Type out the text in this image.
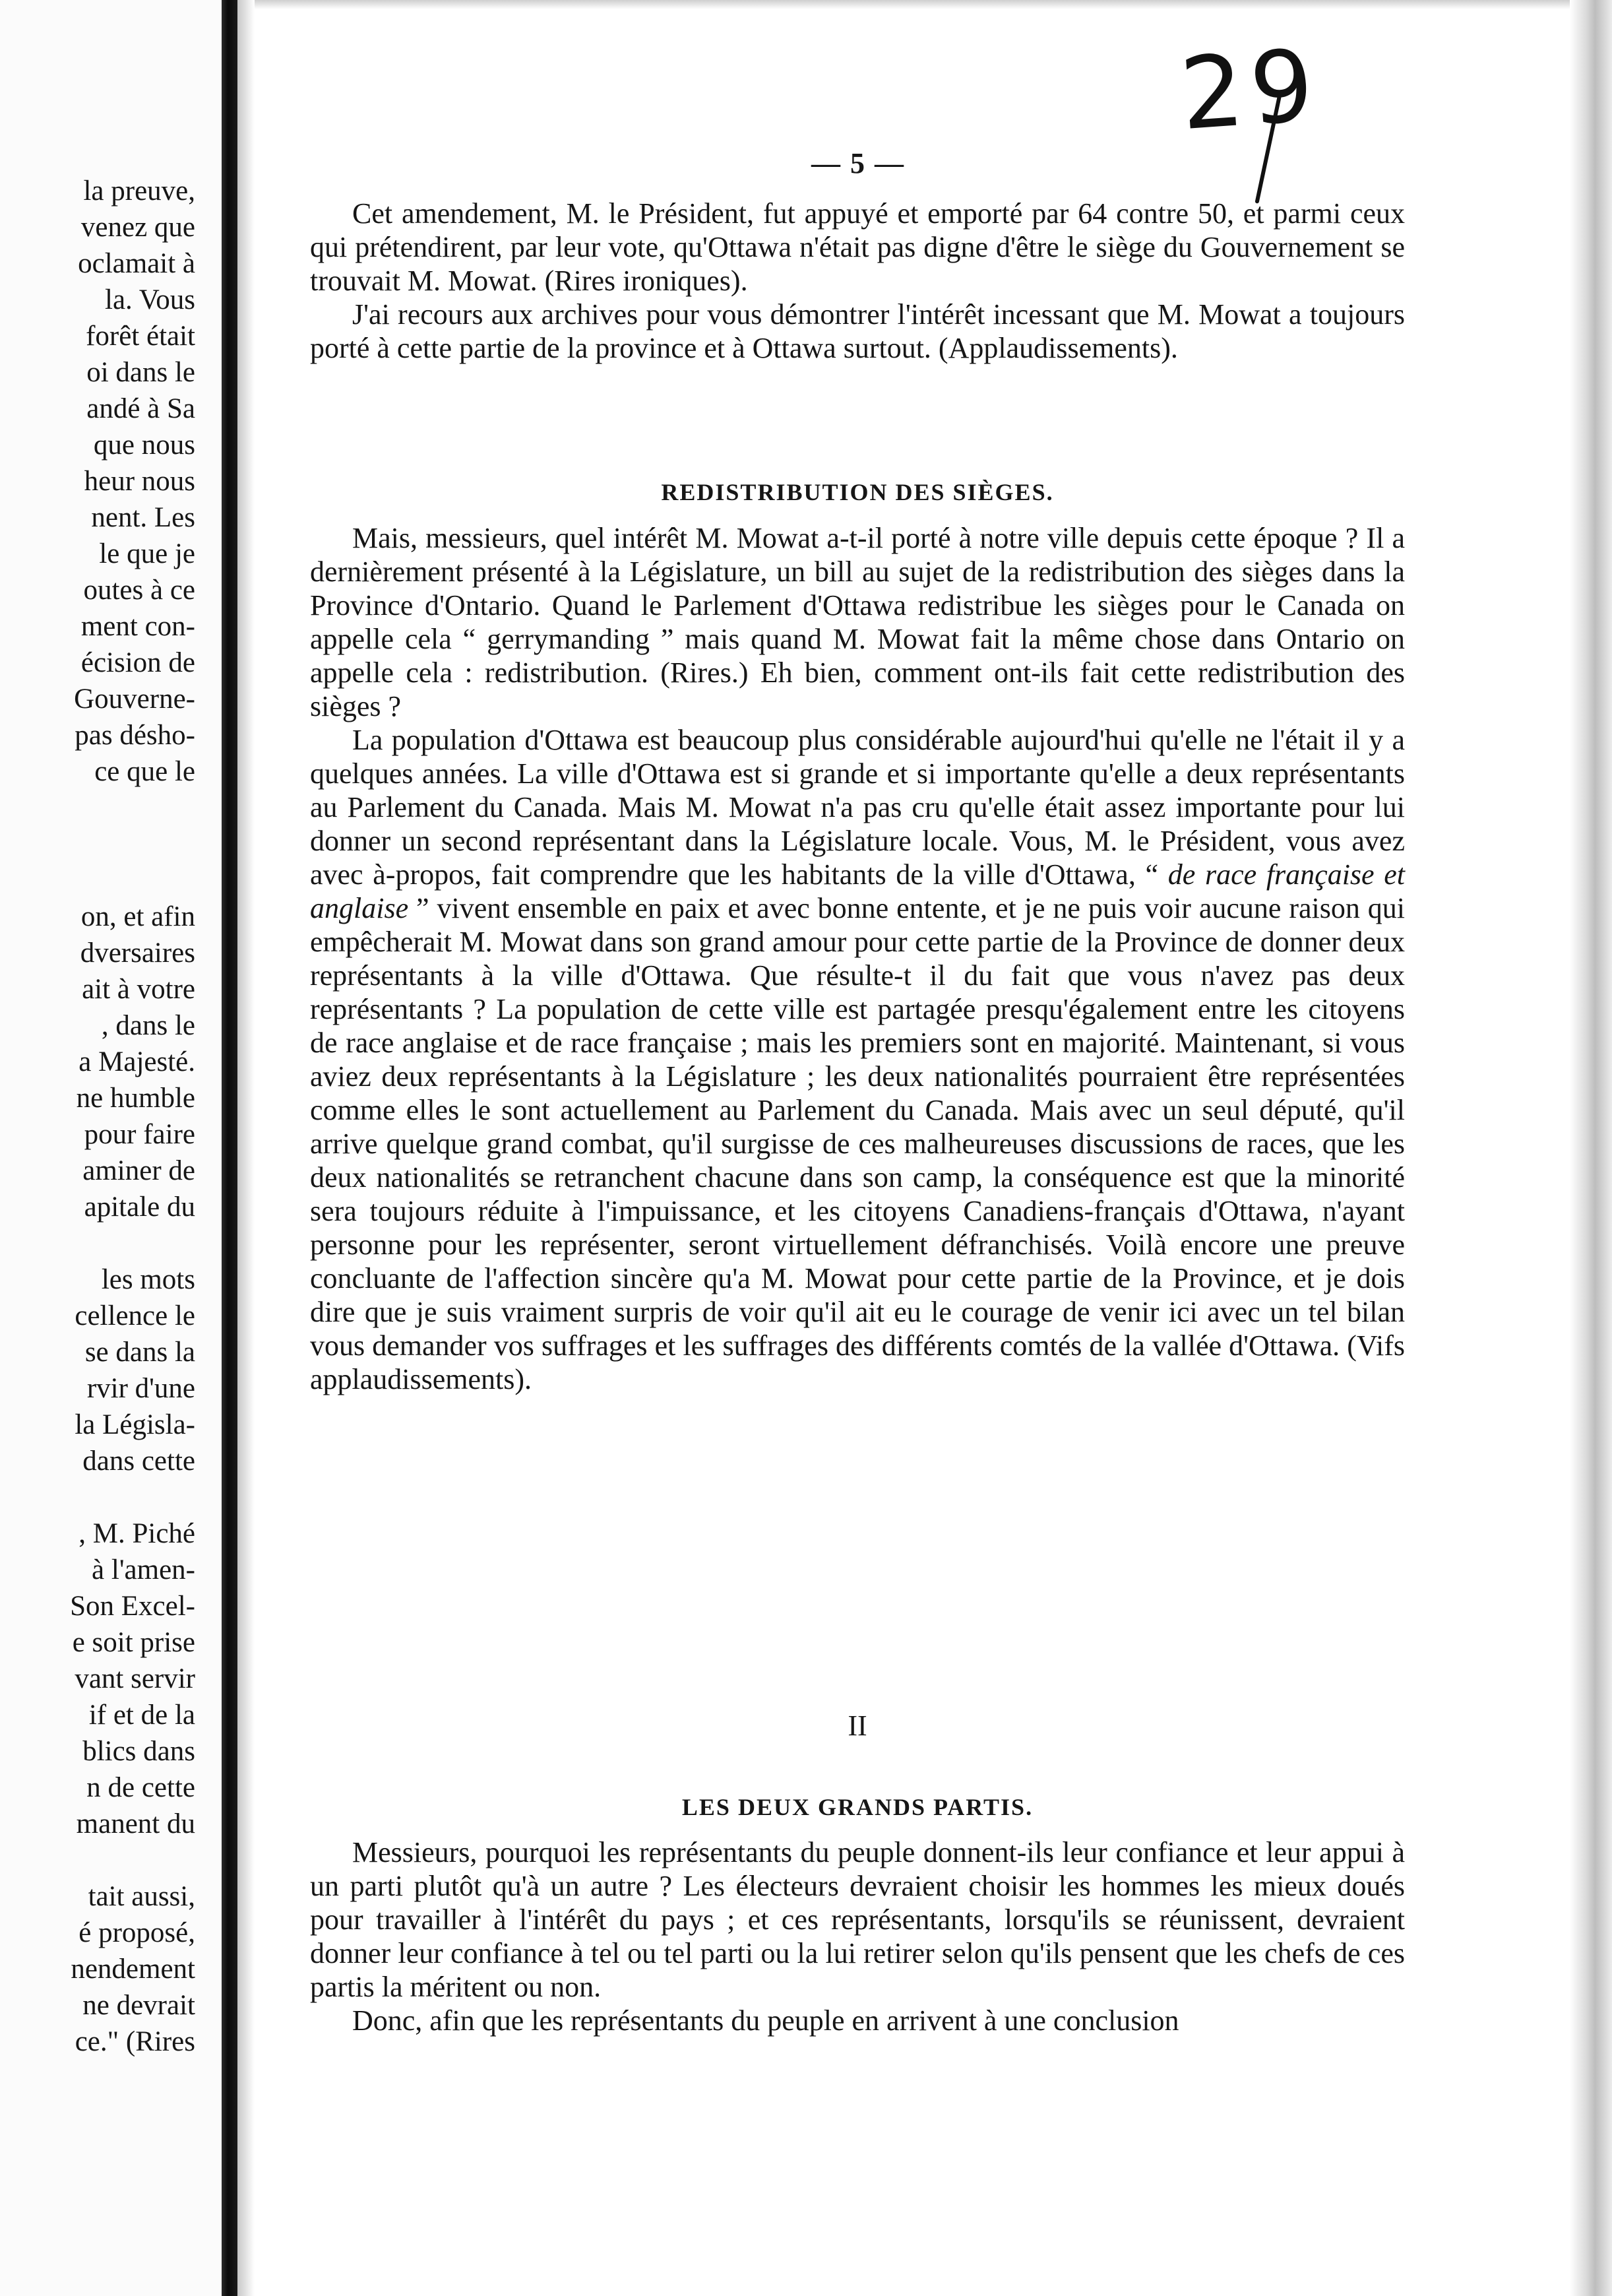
la preuve,
venez que
oclamait à
la. Vous
forêt était
oi dans le
andé à Sa
que nous
heur nous
nent. Les
le que je
outes à ce
ment con-
écision de
Gouverne-
pas désho-
ce que le
on, et afin
dversaires
ait à votre
, dans le
a Majesté.
ne humble
pour faire
aminer de
apitale du
les mots
cellence le
se dans la
rvir d'une
la Législa-
dans cette
, M. Piché
à l'amen-
Son Excel-
e soit prise
vant servir
if et de la
blics dans
n de cette
manent du
tait aussi,
é proposé,
nendement
ne devrait
ce." (Rires
29
— 5 —

Cet amendement, M. le Président, fut appuyé et emporté par 64 contre 50, et parmi ceux qui prétendirent, par leur vote, qu'Ottawa n'était pas digne d'être le siège du Gouvernement se trouvait M. Mowat. (Rires ironiques).

J'ai recours aux archives pour vous démontrer l'intérêt incessant que M. Mowat a toujours porté à cette partie de la province et à Ottawa surtout. (Applaudissements).

REDISTRIBUTION DES SIÈGES.

Mais, messieurs, quel intérêt M. Mowat a-t-il porté à notre ville depuis cette époque ? Il a dernièrement présenté à la Législature, un bill au sujet de la redistribution des sièges dans la Province d'Ontario. Quand le Parlement d'Ottawa redistribue les sièges pour le Canada on appelle cela “ gerrymanding ” mais quand M. Mowat fait la même chose dans Ontario on appelle cela : redistribution. (Rires.) Eh bien, comment ont-ils fait cette redistribution des sièges ?

La population d'Ottawa est beaucoup plus considérable aujourd'hui qu'elle ne l'était il y a quelques années. La ville d'Ottawa est si grande et si importante qu'elle a deux représentants au Parlement du Canada. Mais M. Mowat n'a pas cru qu'elle était assez importante pour lui donner un second représentant dans la Législature locale. Vous, M. le Président, vous avez avec à-propos, fait comprendre que les habitants de la ville d'Ottawa, “ de race française et anglaise ” vivent ensemble en paix et avec bonne entente, et je ne puis voir aucune raison qui empêcherait M. Mowat dans son grand amour pour cette partie de la Province de donner deux représentants à la ville d'Ottawa. Que résulte-t il du fait que vous n'avez pas deux représentants ? La population de cette ville est partagée presqu'également entre les citoyens de race anglaise et de race française ; mais les premiers sont en majorité. Maintenant, si vous aviez deux représentants à la Législature ; les deux nationalités pourraient être représentées comme elles le sont actuellement au Parlement du Canada. Mais avec un seul député, qu'il arrive quelque grand combat, qu'il surgisse de ces malheureuses discussions de races, que les deux nationalités se retranchent chacune dans son camp, la conséquence est que la minorité sera toujours réduite à l'impuissance, et les citoyens Canadiens-français d'Ottawa, n'ayant personne pour les représenter, seront virtuellement défranchisés. Voilà encore une preuve concluante de l'affection sincère qu'a M. Mowat pour cette partie de la Province, et je dois dire que je suis vraiment surpris de voir qu'il ait eu le courage de venir ici avec un tel bilan vous demander vos suffrages et les suffrages des différents comtés de la vallée d'Ottawa. (Vifs applaudissements).

II
LES DEUX GRANDS PARTIS.

Messieurs, pourquoi les représentants du peuple donnent-ils leur confiance et leur appui à un parti plutôt qu'à un autre ? Les électeurs devraient choisir les hommes les mieux doués pour travailler à l'intérêt du pays ; et ces représentants, lorsqu'ils se réunissent, devraient donner leur confiance à tel ou tel parti ou la lui retirer selon qu'ils pensent que les chefs de ces partis la méritent ou non.

Donc, afin que les représentants du peuple en arrivent à une conclusion
